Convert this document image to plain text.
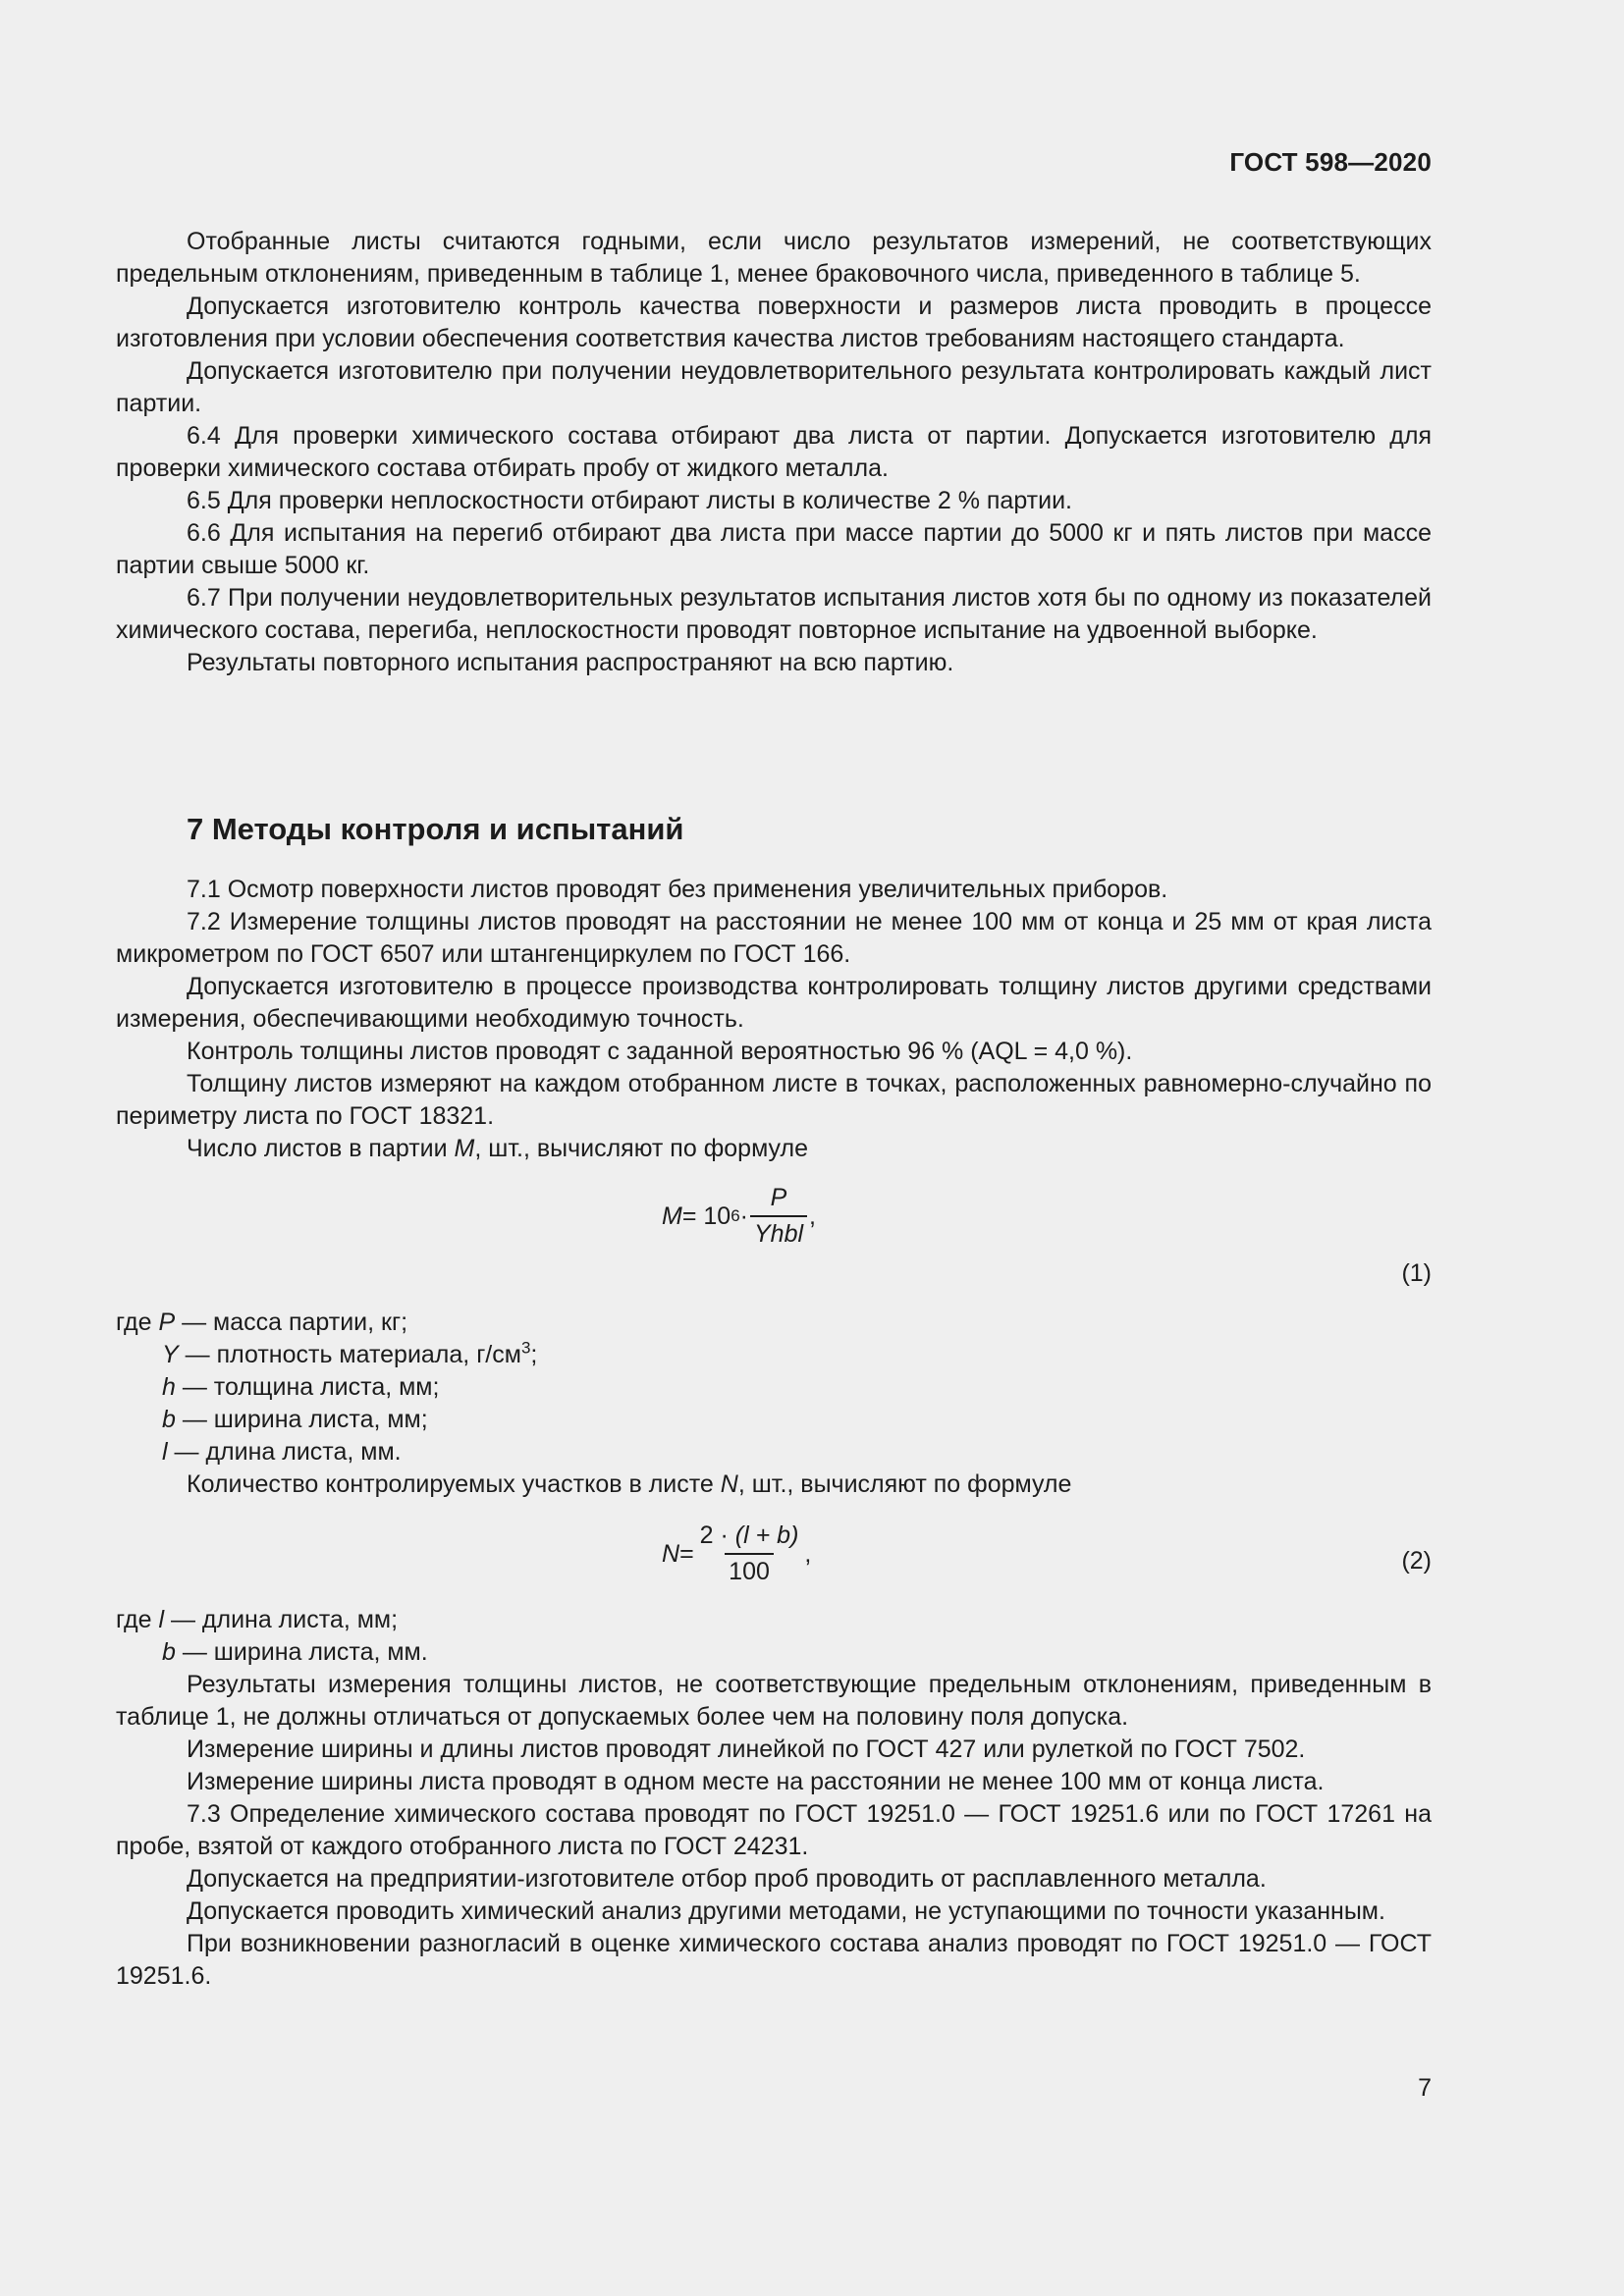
ГОСТ 598—2020

Отобранные листы считаются годными, если число результатов измерений, не соответствующих предельным отклонениям, приведенным в таблице 1, менее браковочного числа, приведенного в таблице 5.

Допускается изготовителю контроль качества поверхности и размеров листа проводить в процессе изготовления при условии обеспечения соответствия качества листов требованиям настоящего стандарта.

Допускается изготовителю при получении неудовлетворительного результата контролировать каждый лист партии.

6.4 Для проверки химического состава отбирают два листа от партии. Допускается изготовителю для проверки химического состава отбирать пробу от жидкого металла.

6.5 Для проверки неплоскостности отбирают листы в количестве 2 % партии.

6.6 Для испытания на перегиб отбирают два листа при массе партии до 5000 кг и пять листов при массе партии свыше 5000 кг.

6.7 При получении неудовлетворительных результатов испытания листов хотя бы по одному из показателей химического состава, перегиба, неплоскостности проводят повторное испытание на удвоенной выборке.

Результаты повторного испытания распространяют на всю партию.

7 Методы контроля и испытаний

7.1 Осмотр поверхности листов проводят без применения увеличительных приборов.

7.2 Измерение толщины листов проводят на расстоянии не менее 100 мм от конца и 25 мм от края листа микрометром по ГОСТ 6507 или штангенциркулем по ГОСТ 166.

Допускается изготовителю в процессе производства контролировать толщину листов другими средствами измерения, обеспечивающими необходимую точность.

Контроль толщины листов проводят с заданной вероятностью 96 % (AQL = 4,0 %).

Толщину листов измеряют на каждом отобранном листе в точках, расположенных равномерно-случайно по периметру листа по ГОСТ 18321.

Число листов в партии M, шт., вычисляют по формуле

M = 10 $6 \cdot \frac{P}{\text{Yhbl}}$ ,
(1)
где P — масса партии, кг;
Y — плотность материала, $г/см^3$;
h — толщина листа, мм;
b — ширина листа, мм;
l — длина листа, мм.
Количество контролируемых участков в листе N, шт., вычисляют по формуле
$N = \frac{2 \cdot (l + b)}{100}$ ,	(2)
где l — длина листа, мм;
b — ширина листа, мм.

Результаты измерения толщины листов, не соответствующие предельным отклонениям, приведенным в таблице 1, не должны отличаться от допускаемых более чем на половину поля допуска.

Измерение ширины и длины листов проводят линейкой по ГОСТ 427 или рулеткой по ГОСТ 7502.

Измерение ширины листа проводят в одном месте на расстоянии не менее 100 мм от конца листа.

7.3 Определение химического состава проводят по ГОСТ 19251.0 — ГОСТ 19251.6 или по ГОСТ 17261 на пробе, взятой от каждого отобранного листа по ГОСТ 24231.

Допускается на предприятии-изготовителе отбор проб проводить от расплавленного металла.

Допускается проводить химический анализ другими методами, не уступающими по точности указанным.

При возникновении разногласий в оценке химического состава анализ проводят по ГОСТ 19251.0 — ГОСТ 19251.6.

7
